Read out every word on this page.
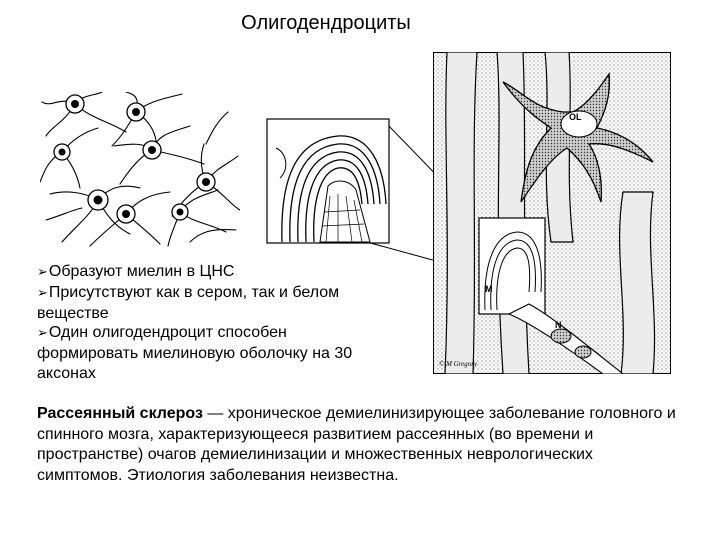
Олигодендроциты
OL
M
N
© M Gregory
➢Образуют миелин в ЦНС
➢Присутствуют как в сером, так и белом веществе
➢Один олигодендроцит способен формировать миелиновую оболочку на 30 аксонах

Рассеянный склероз — хроническое демиелинизирующее заболевание головного и спинного мозга, характеризующееся развитием рассеянных (во времени и пространстве) очагов демиелинизации и множественных неврологических симптомов. Этиология заболевания неизвестна.
